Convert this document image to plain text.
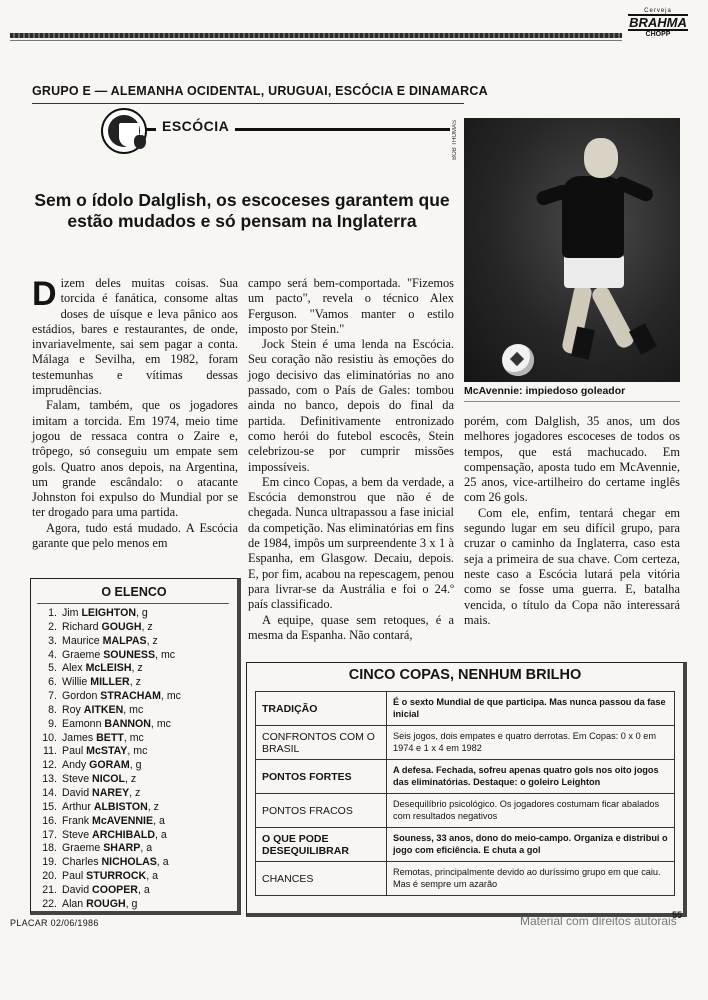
Cerveja
BRAHMA
CHOPP
GRUPO E — ALEMANHA OCIDENTAL, URUGUAI, ESCÓCIA E DINAMARCA
ESCÓCIA
Sem o ídolo Dalglish, os escoceses garantem que estão mudados e só pensam na Inglaterra
BOB THOMAS
McAvennie: impiedoso goleador

Dizem deles muitas coisas. Sua torcida é fanática, consome altas doses de uísque e leva pânico aos estádios, bares e restaurantes, de onde, invariavelmente, sai sem pagar a conta. Málaga e Sevilha, em 1982, foram testemunhas e vítimas dessas imprudências.

Falam, também, que os jogadores imitam a torcida. Em 1974, meio time jogou de ressaca contra o Zaire e, trôpego, só conseguiu um empate sem gols. Quatro anos depois, na Argentina, um grande escândalo: o atacante Johnston foi expulso do Mundial por se ter drogado para uma partida.

Agora, tudo está mudado. A Escócia garante que pelo menos em

campo será bem-comportada. "Fizemos um pacto", revela o técnico Alex Ferguson. "Vamos manter o estilo imposto por Stein."

Jock Stein é uma lenda na Escócia. Seu coração não resistiu às emoções do jogo decisivo das eliminatórias no ano passado, com o País de Gales: tombou ainda no banco, depois do final da partida. Definitivamente entronizado como herói do futebol escocês, Stein celebrizou-se por cumprir missões impossíveis.

Em cinco Copas, a bem da verdade, a Escócia demonstrou que não é de chegada. Nunca ultrapassou a fase inicial da competição. Nas eliminatórias em fins de 1984, impôs um surpreendente 3 x 1 à Espanha, em Glasgow. Decaiu, depois. E, por fim, acabou na repescagem, penou para livrar-se da Austrália e foi o 24.º país classificado.

A equipe, quase sem retoques, é a mesma da Espanha. Não contará,

porém, com Dalglish, 35 anos, um dos melhores jogadores escoceses de todos os tempos, que está machucado. Em compensação, aposta tudo em McAvennie, 25 anos, vice-artilheiro do certame inglês com 26 gols.

Com ele, enfim, tentará chegar em segundo lugar em seu difícil grupo, para cruzar o caminho da Inglaterra, caso esta seja a primeira de sua chave. Com certeza, neste caso a Escócia lutará pela vitória como se fosse uma guerra. E, batalha vencida, o título da Copa não interessará mais.

O ELENCO
1. Jim LEIGHTON, g
2. Richard GOUGH, z
3. Maurice MALPAS, z
4. Graeme SOUNESS, mc
5. Alex McLEISH, z
6. Willie MILLER, z
7. Gordon STRACHAM, mc
8. Roy AITKEN, mc
9. Eamonn BANNON, mc
10. James BETT, mc
11. Paul McSTAY, mc
12. Andy GORAM, g
13. Steve NICOL, z
14. David NAREY, z
15. Arthur ALBISTON, z
16. Frank McAVENNIE, a
17. Steve ARCHIBALD, a
18. Graeme SHARP, a
19. Charles NICHOLAS, a
20. Paul STURROCK, a
21. David COOPER, a
22. Alan ROUGH, g
CINCO COPAS, NENHUM BRILHO
TRADIÇÃO	É o sexto Mundial de que participa. Mas nunca passou da fase inicial
CONFRONTOS COM O BRASIL	Seis jogos, dois empates e quatro derrotas. Em Copas: 0 x 0 em 1974 e 1 x 4 em 1982
PONTOS FORTES	A defesa. Fechada, sofreu apenas quatro gols nos oito jogos das eliminatórias. Destaque: o goleiro Leighton
PONTOS FRACOS	Desequilíbrio psicológico. Os jogadores costumam ficar abalados com resultados negativos
O QUE PODE DESEQUILIBRAR	Souness, 33 anos, dono do meio-campo. Organiza e distribui o jogo com eficiência. E chuta a gol
CHANCES	Remotas, principalmente devido ao duríssimo grupo em que caiu. Mas é sempre um azarão
PLACAR 02/06/1986	Material com direitos autorais
55
